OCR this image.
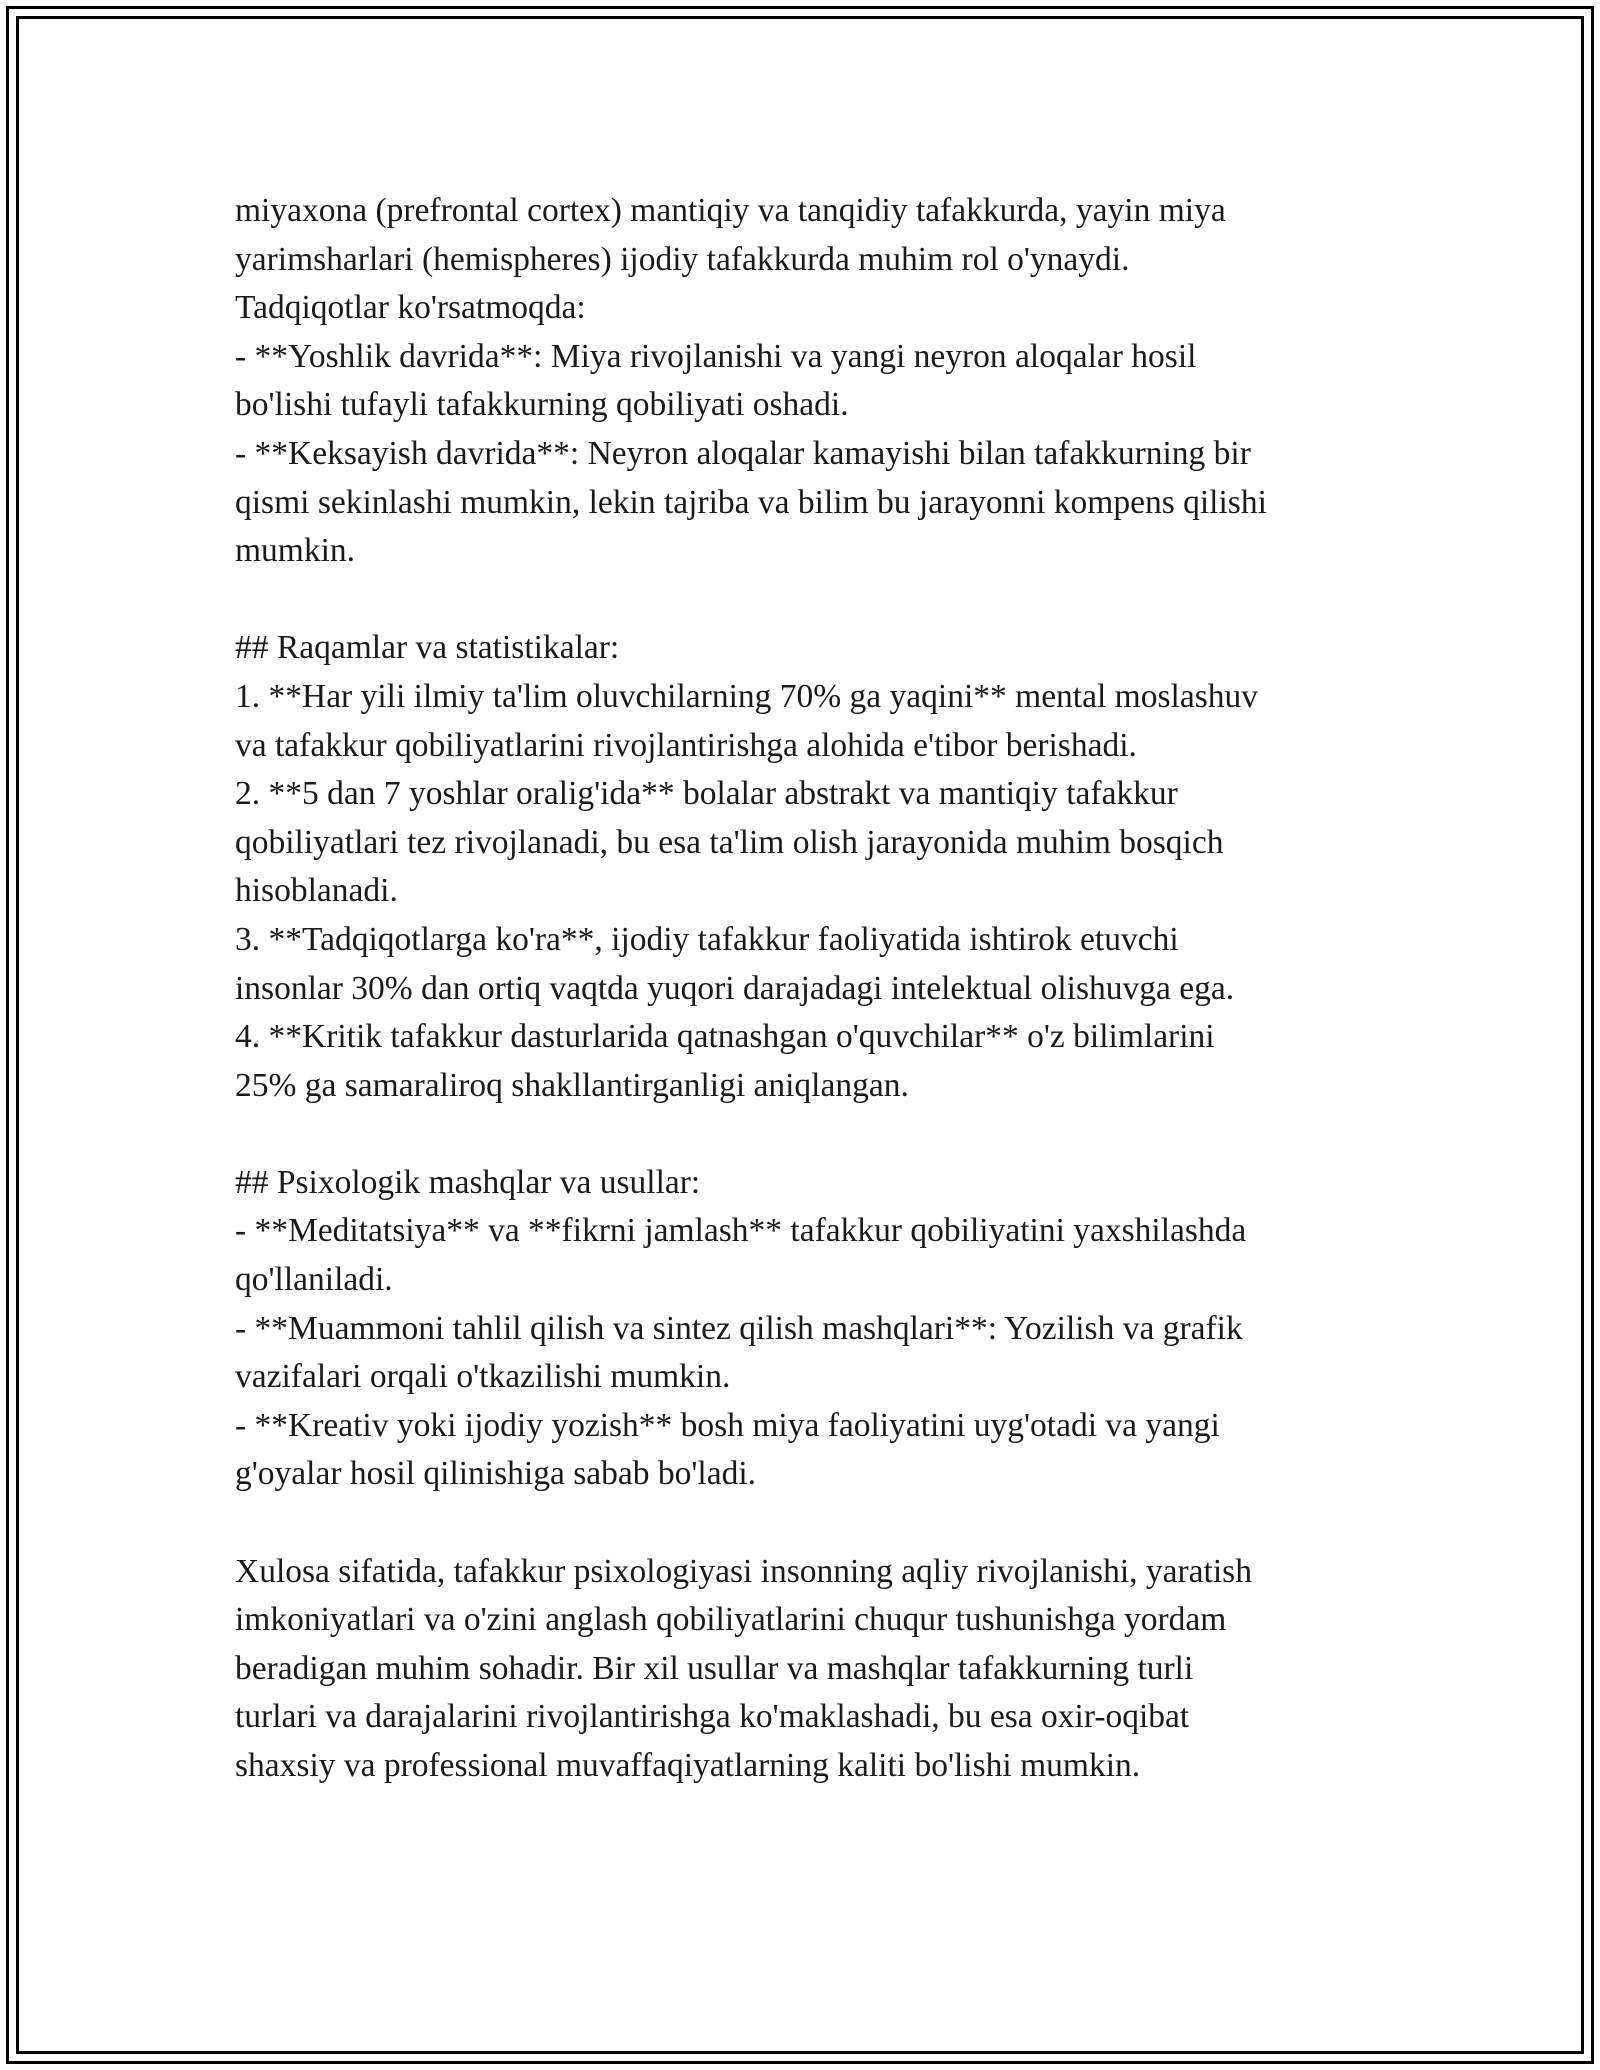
miyaxona (prefrontal cortex) mantiqiy va tanqidiy tafakkurda, yayin miya
yarimsharlari (hemispheres) ijodiy tafakkurda muhim rol o'ynaydi.
Tadqiqotlar ko'rsatmoqda:
- **Yoshlik davrida**: Miya rivojlanishi va yangi neyron aloqalar hosil
bo'lishi tufayli tafakkurning qobiliyati oshadi.
- **Keksayish davrida**: Neyron aloqalar kamayishi bilan tafakkurning bir
qismi sekinlashi mumkin, lekin tajriba va bilim bu jarayonni kompens qilishi
mumkin.
## Raqamlar va statistikalar:
1. **Har yili ilmiy ta'lim oluvchilarning 70% ga yaqini** mental moslashuv
va tafakkur qobiliyatlarini rivojlantirishga alohida e'tibor berishadi.
2. **5 dan 7 yoshlar oralig'ida** bolalar abstrakt va mantiqiy tafakkur
qobiliyatlari tez rivojlanadi, bu esa ta'lim olish jarayonida muhim bosqich
hisoblanadi.
3. **Tadqiqotlarga ko'ra**, ijodiy tafakkur faoliyatida ishtirok etuvchi
insonlar 30% dan ortiq vaqtda yuqori darajadagi intelektual olishuvga ega.
4. **Kritik tafakkur dasturlarida qatnashgan o'quvchilar** o'z bilimlarini
25% ga samaraliroq shakllantirganligi aniqlangan.
## Psixologik mashqlar va usullar:
- **Meditatsiya** va **fikrni jamlash** tafakkur qobiliyatini yaxshilashda
qo'llaniladi.
- **Muammoni tahlil qilish va sintez qilish mashqlari**: Yozilish va grafik
vazifalari orqali o'tkazilishi mumkin.
- **Kreativ yoki ijodiy yozish** bosh miya faoliyatini uyg'otadi va yangi
g'oyalar hosil qilinishiga sabab bo'ladi.
Xulosa sifatida, tafakkur psixologiyasi insonning aqliy rivojlanishi, yaratish
imkoniyatlari va o'zini anglash qobiliyatlarini chuqur tushunishga yordam
beradigan muhim sohadir. Bir xil usullar va mashqlar tafakkurning turli
turlari va darajalarini rivojlantirishga ko'maklashadi, bu esa oxir-oqibat
shaxsiy va professional muvaffaqiyatlarning kaliti bo'lishi mumkin.
